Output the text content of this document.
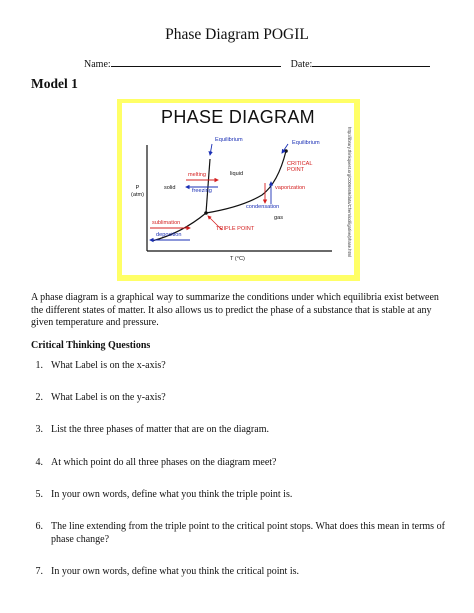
Phase Diagram POGIL
Name:	Date:
Model 1
PHASE DIAGRAM
http://library.thinkquest.org/C006669/data/Chem/colligative/phase.html
Equilibrium	Equilibrium
melting
freezing
liquid
solid
CRITICAL POINT
vaporization
condensation
gas
sublimation
deposition
TRIPLE POINT
P (atm)
T (°C)
A phase diagram is a graphical way to summarize the conditions under which equilibria exist between the different states of matter. It also allows us to predict the phase of a substance that is stable at any given temperature and pressure.
Critical Thinking Questions
1. What Label is on the x-axis?
2. What Label is on the y-axis?
3. List the three phases of matter that are on the diagram.
4. At which point do all three phases on the diagram meet?
5. In your own words, define what you think the triple point is.
6. The line extending from the triple point to the critical point stops. What does this mean in terms of phase change?
7. In your own words, define what you think the critical point is.
